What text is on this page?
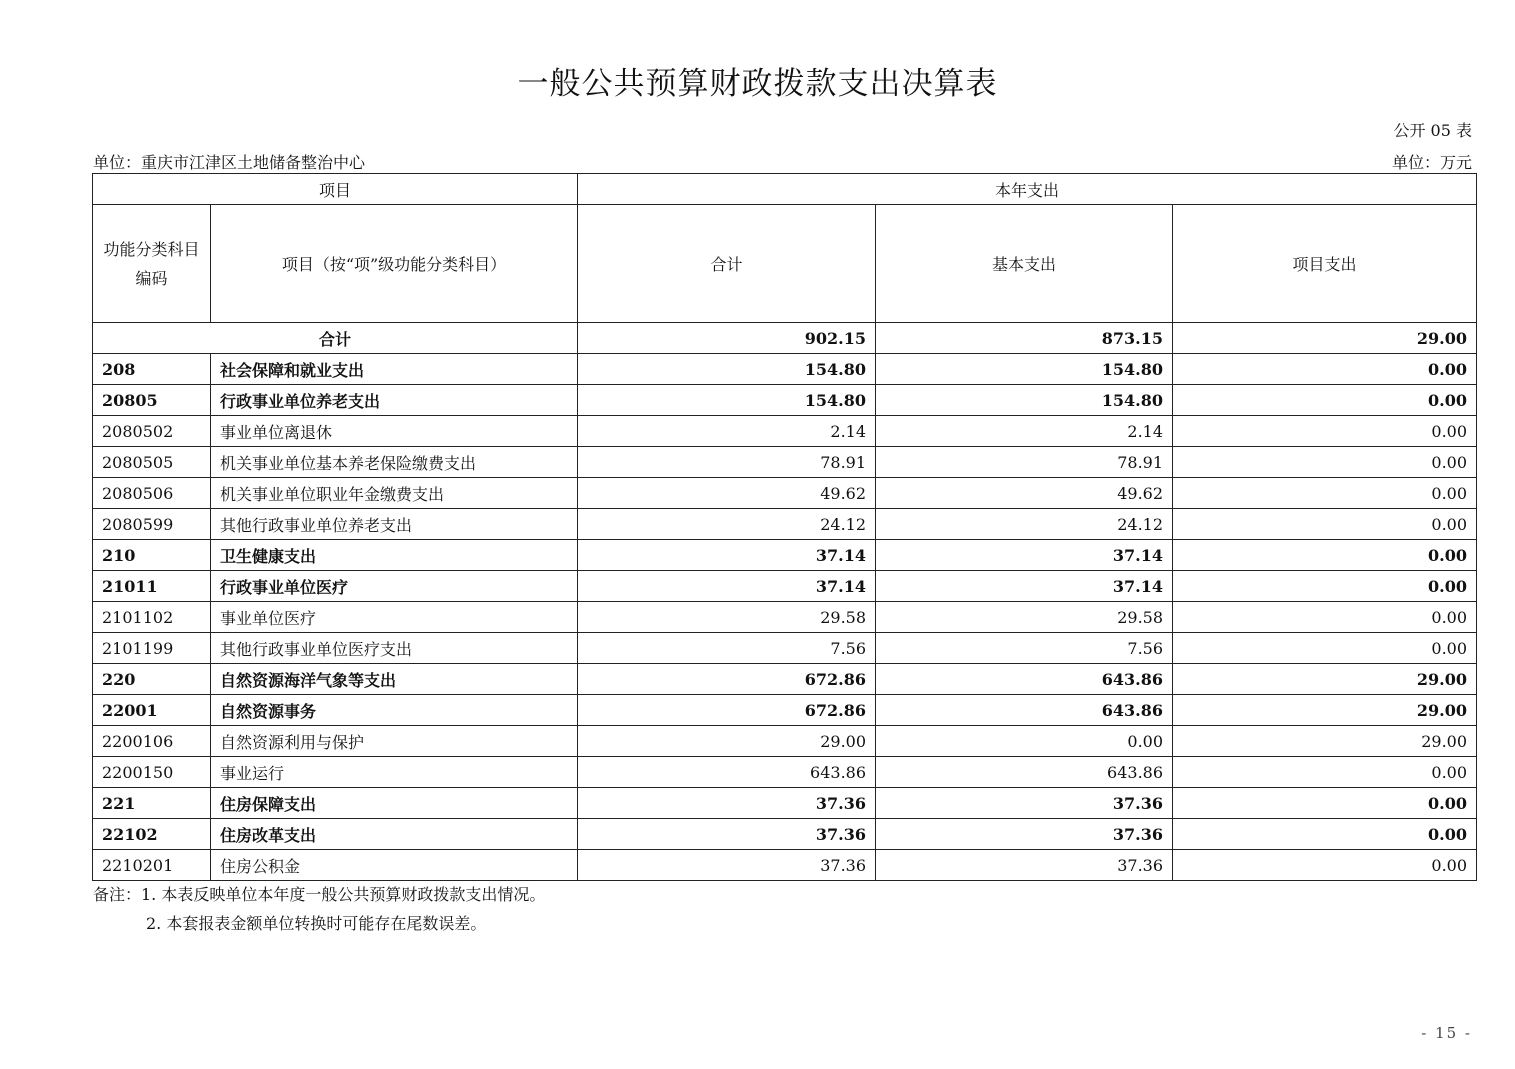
一般公共预算财政拨款支出决算表
公开 05 表
单位：重庆市江津区土地储备整治中心	单位：万元
项目		本年支出		
功能分类科目编码	项目（按“项”级功能分类科目）	合计	基本支出	项目支出
合计		902.15	873.15	29.00
208	社会保障和就业支出	154.80	154.80	0.00
20805	行政事业单位养老支出	154.80	154.80	0.00
2080502	事业单位离退休	2.14	2.14	0.00
2080505	机关事业单位基本养老保险缴费支出	78.91	78.91	0.00
2080506	机关事业单位职业年金缴费支出	49.62	49.62	0.00
2080599	其他行政事业单位养老支出	24.12	24.12	0.00
210	卫生健康支出	37.14	37.14	0.00
21011	行政事业单位医疗	37.14	37.14	0.00
2101102	事业单位医疗	29.58	29.58	0.00
2101199	其他行政事业单位医疗支出	7.56	7.56	0.00
220	自然资源海洋气象等支出	672.86	643.86	29.00
22001	自然资源事务	672.86	643.86	29.00
2200106	自然资源利用与保护	29.00	0.00	29.00
2200150	事业运行	643.86	643.86	0.00
221	住房保障支出	37.36	37.36	0.00
22102	住房改革支出	37.36	37.36	0.00
2210201	住房公积金	37.36	37.36	0.00
备注：1. 本表反映单位本年度一般公共预算财政拨款支出情况。
2. 本套报表金额单位转换时可能存在尾数误差。
- 15 -
